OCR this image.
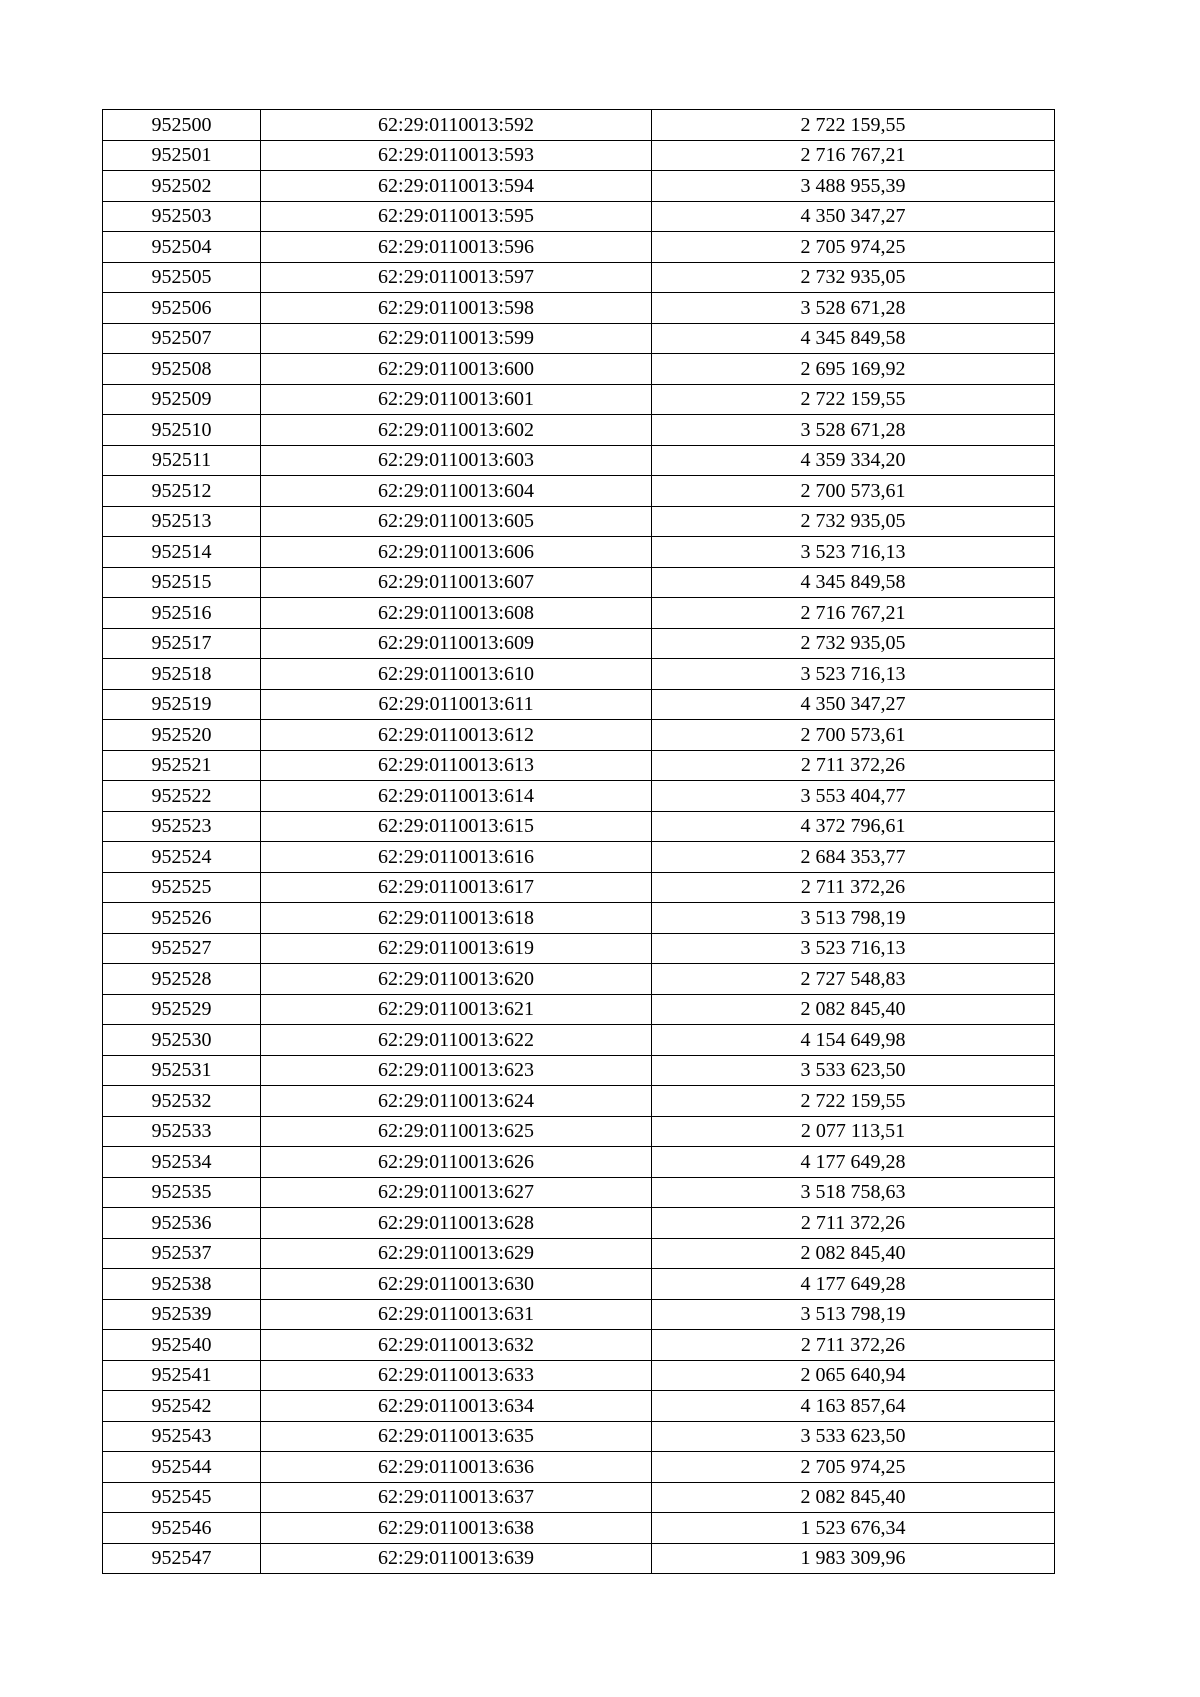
952500	62:29:0110013:592	2 722 159,55
952501	62:29:0110013:593	2 716 767,21
952502	62:29:0110013:594	3 488 955,39
952503	62:29:0110013:595	4 350 347,27
952504	62:29:0110013:596	2 705 974,25
952505	62:29:0110013:597	2 732 935,05
952506	62:29:0110013:598	3 528 671,28
952507	62:29:0110013:599	4 345 849,58
952508	62:29:0110013:600	2 695 169,92
952509	62:29:0110013:601	2 722 159,55
952510	62:29:0110013:602	3 528 671,28
952511	62:29:0110013:603	4 359 334,20
952512	62:29:0110013:604	2 700 573,61
952513	62:29:0110013:605	2 732 935,05
952514	62:29:0110013:606	3 523 716,13
952515	62:29:0110013:607	4 345 849,58
952516	62:29:0110013:608	2 716 767,21
952517	62:29:0110013:609	2 732 935,05
952518	62:29:0110013:610	3 523 716,13
952519	62:29:0110013:611	4 350 347,27
952520	62:29:0110013:612	2 700 573,61
952521	62:29:0110013:613	2 711 372,26
952522	62:29:0110013:614	3 553 404,77
952523	62:29:0110013:615	4 372 796,61
952524	62:29:0110013:616	2 684 353,77
952525	62:29:0110013:617	2 711 372,26
952526	62:29:0110013:618	3 513 798,19
952527	62:29:0110013:619	3 523 716,13
952528	62:29:0110013:620	2 727 548,83
952529	62:29:0110013:621	2 082 845,40
952530	62:29:0110013:622	4 154 649,98
952531	62:29:0110013:623	3 533 623,50
952532	62:29:0110013:624	2 722 159,55
952533	62:29:0110013:625	2 077 113,51
952534	62:29:0110013:626	4 177 649,28
952535	62:29:0110013:627	3 518 758,63
952536	62:29:0110013:628	2 711 372,26
952537	62:29:0110013:629	2 082 845,40
952538	62:29:0110013:630	4 177 649,28
952539	62:29:0110013:631	3 513 798,19
952540	62:29:0110013:632	2 711 372,26
952541	62:29:0110013:633	2 065 640,94
952542	62:29:0110013:634	4 163 857,64
952543	62:29:0110013:635	3 533 623,50
952544	62:29:0110013:636	2 705 974,25
952545	62:29:0110013:637	2 082 845,40
952546	62:29:0110013:638	1 523 676,34
952547	62:29:0110013:639	1 983 309,96
